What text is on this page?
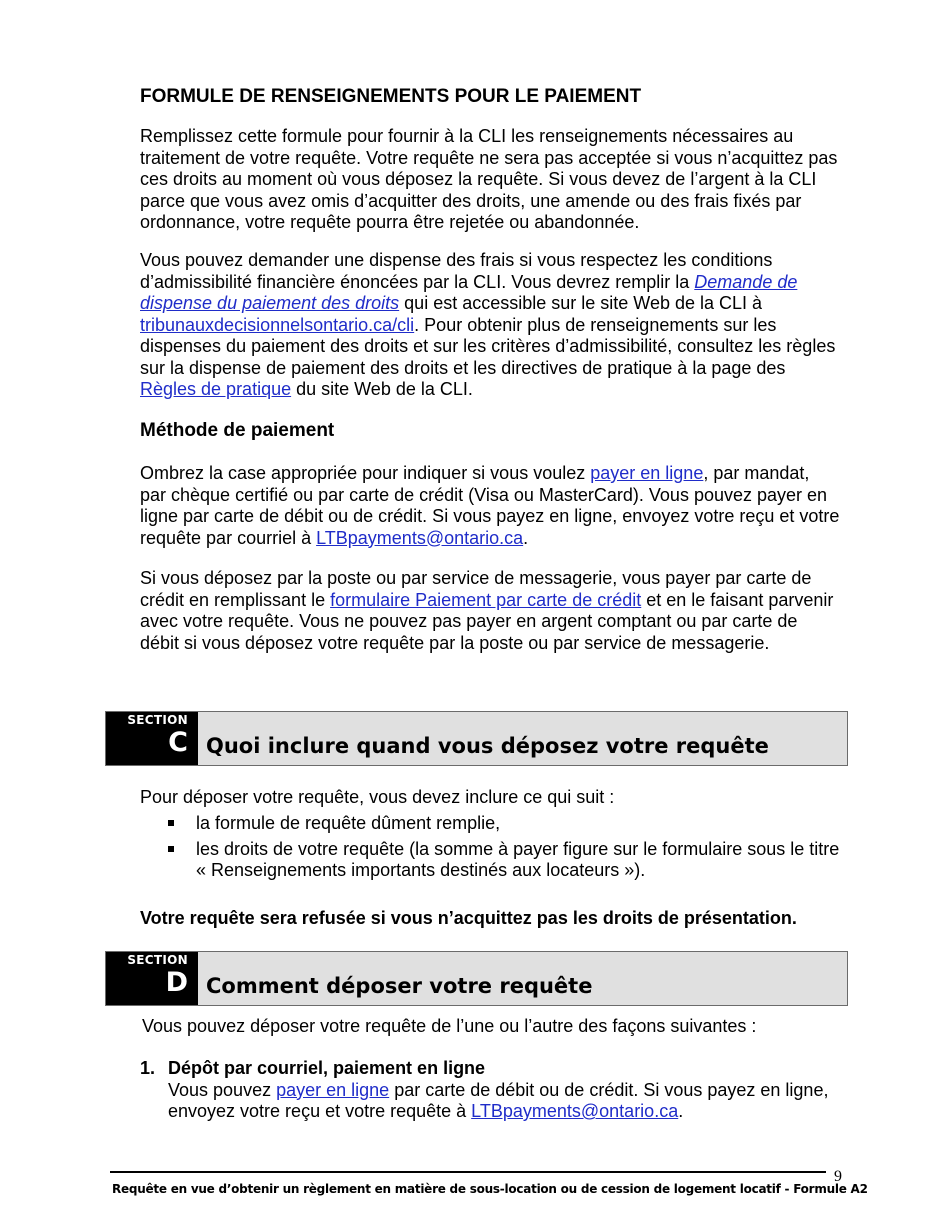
FORMULE DE RENSEIGNEMENTS POUR LE PAIEMENT

Remplissez cette formule pour fournir à la CLI les renseignements nécessaires au traitement de votre requête. Votre requête ne sera pas acceptée si vous n’acquittez pas ces droits au moment où vous déposez la requête. Si vous devez de l’argent à la CLI parce que vous avez omis d’acquitter des droits, une amende ou des frais fixés par ordonnance, votre requête pourra être rejetée ou abandonnée.

Vous pouvez demander une dispense des frais si vous respectez les conditions d’admissibilité financière énoncées par la CLI. Vous devrez remplir la Demande de dispense du paiement des droits qui est accessible sur le site Web de la CLI à tribunauxdecisionnelsontario.ca/cli. Pour obtenir plus de renseignements sur les dispenses du paiement des droits et sur les critères d’admissibilité, consultez les règles sur la dispense de paiement des droits et les directives de pratique à la page des Règles de pratique du site Web de la CLI.

Méthode de paiement

Ombrez la case appropriée pour indiquer si vous voulez payer en ligne, par mandat, par chèque certifié ou par carte de crédit (Visa ou MasterCard). Vous pouvez payer en ligne par carte de débit ou de crédit. Si vous payez en ligne, envoyez votre reçu et votre requête par courriel à LTBpayments@ontario.ca.

Si vous déposez par la poste ou par service de messagerie, vous payer par carte de crédit en remplissant le formulaire Paiement par carte de crédit et en le faisant parvenir avec votre requête. Vous ne pouvez pas payer en argent comptant ou par carte de débit si vous déposez votre requête par la poste ou par service de messagerie.

SECTION
C Quoi inclure quand vous déposez votre requête

Pour déposer votre requête, vous devez inclure ce qui suit :

la formule de requête dûment remplie,
les droits de votre requête (la somme à payer figure sur le formulaire sous le titre « Renseignements importants destinés aux locateurs »).

Votre requête sera refusée si vous n’acquittez pas les droits de présentation.

SECTION
D Comment déposer votre requête

Vous pouvez déposer votre requête de l’une ou l’autre des façons suivantes :

1. Dépôt par courriel, paiement en ligne

Vous pouvez payer en ligne par carte de débit ou de crédit. Si vous payez en ligne, envoyez votre reçu et votre requête à LTBpayments@ontario.ca.

9
Requête en vue d’obtenir un règlement en matière de sous-location ou de cession de logement locatif - Formule A2
